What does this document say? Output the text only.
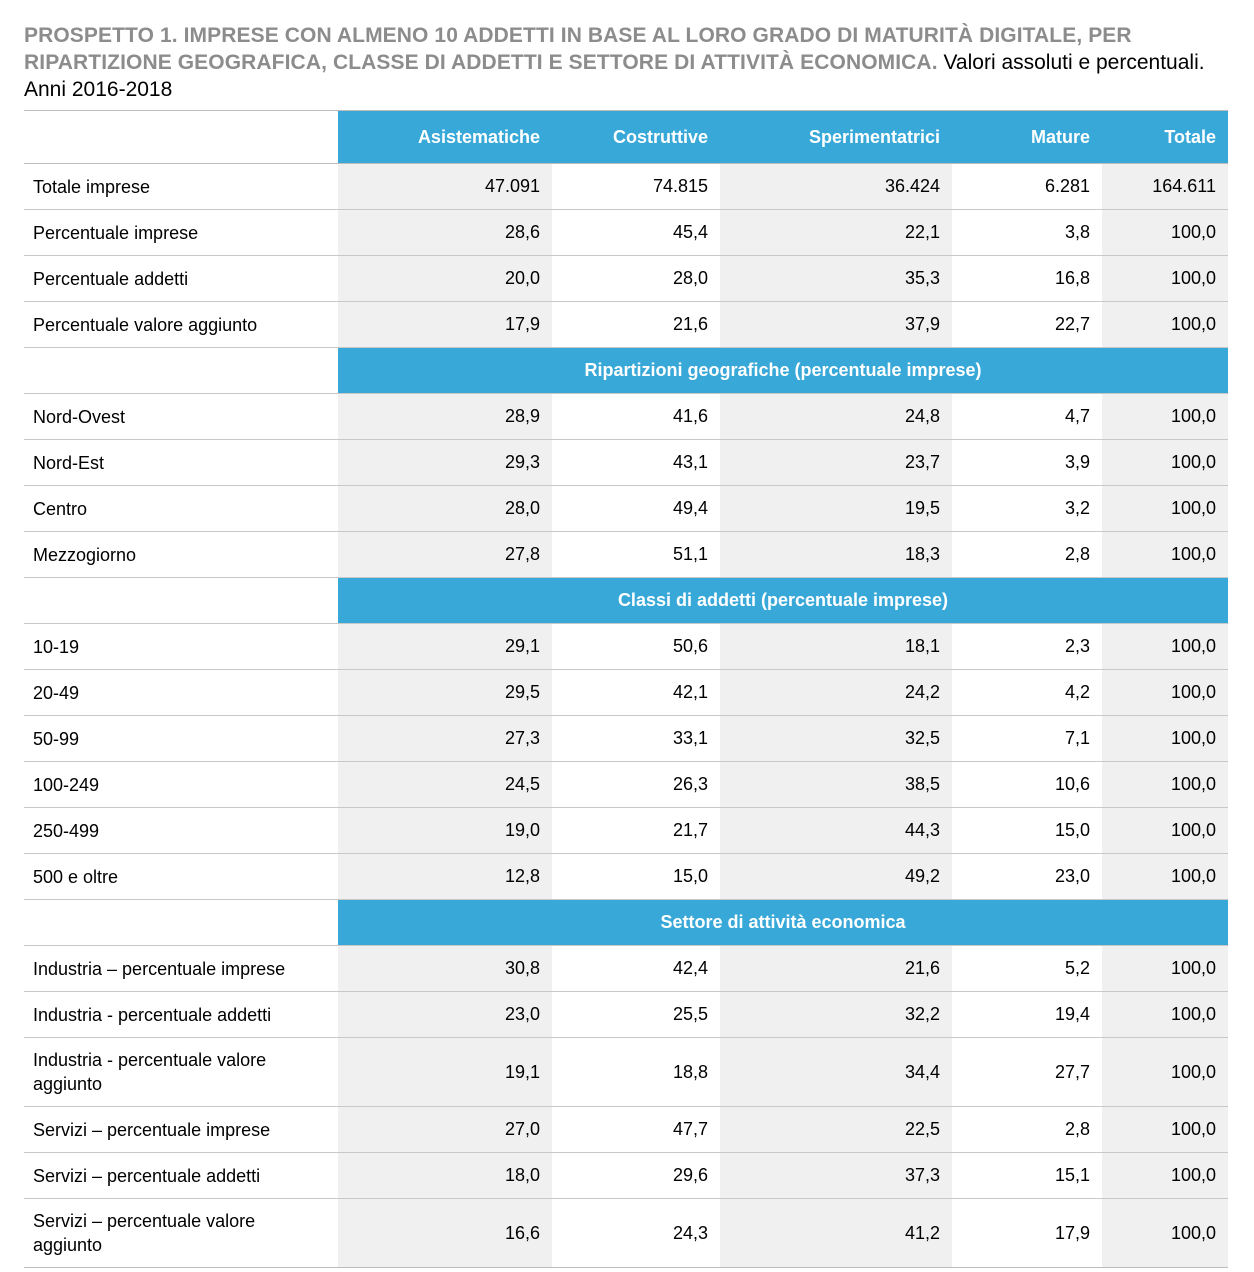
PROSPETTO 1. IMPRESE CON ALMENO 10 ADDETTI IN BASE AL LORO GRADO DI MATURITÀ DIGITALE, PER RIPARTIZIONE GEOGRAFICA, CLASSE DI ADDETTI E SETTORE DI ATTIVITÀ ECONOMICA. Valori assoluti e percentuali.
Anni 2016-2018
	Asistematiche	Costruttive	Sperimentatrici	Mature	Totale

Totale imprese	47.091	74.815	36.424	6.281	164.611

Percentuale imprese	28,6	45,4	22,1	3,8	100,0

Percentuale addetti	20,0	28,0	35,3	16,8	100,0

Percentuale valore aggiunto	17,9	21,6	37,9	22,7	100,0
	Ripartizioni geografiche (percentuale imprese)				

Nord-Ovest	28,9	41,6	24,8	4,7	100,0

Nord-Est	29,3	43,1	23,7	3,9	100,0

Centro	28,0	49,4	19,5	3,2	100,0

Mezzogiorno	27,8	51,1	18,3	2,8	100,0
	Classi di addetti (percentuale imprese)				

10-19	29,1	50,6	18,1	2,3	100,0

20-49	29,5	42,1	24,2	4,2	100,0

50-99	27,3	33,1	32,5	7,1	100,0

100-249	24,5	26,3	38,5	10,6	100,0

250-499	19,0	21,7	44,3	15,0	100,0

500 e oltre	12,8	15,0	49,2	23,0	100,0
	Settore di attività economica				

Industria – percentuale imprese	30,8	42,4	21,6	5,2	100,0

Industria - percentuale addetti	23,0	25,5	32,2	19,4	100,0

Industria - percentuale valore aggiunto	19,1	18,8	34,4	27,7	100,0

Servizi – percentuale imprese	27,0	47,7	22,5	2,8	100,0

Servizi – percentuale addetti	18,0	29,6	37,3	15,1	100,0

Servizi – percentuale valore aggiunto	16,6	24,3	41,2	17,9	100,0
